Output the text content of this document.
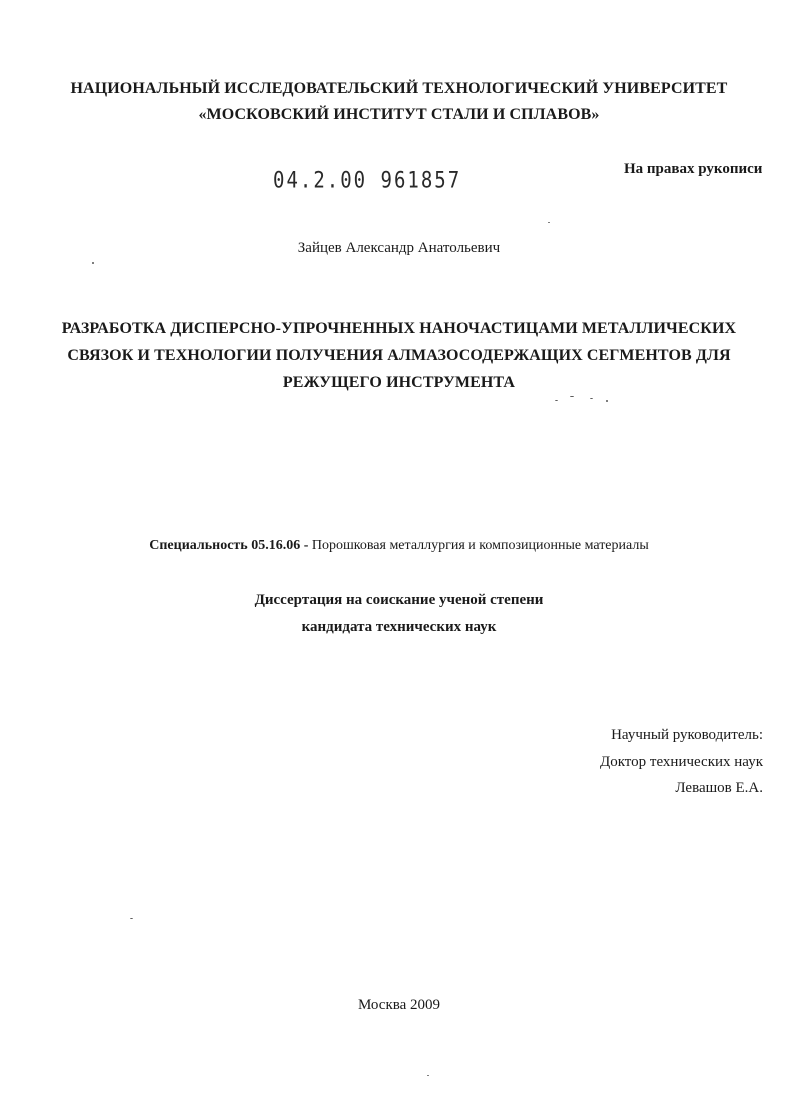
НАЦИОНАЛЬНЫЙ ИССЛЕДОВАТЕЛЬСКИЙ ТЕХНОЛОГИЧЕСКИЙ УНИВЕРСИТЕТ
«МОСКОВСКИЙ ИНСТИТУТ СТАЛИ И СПЛАВОВ»
04.2.00 961857	На правах рукописи
Зайцев Александр Анатольевич
РАЗРАБОТКА ДИСПЕРСНО-УПРОЧНЕННЫХ НАНОЧАСТИЦАМИ МЕТАЛЛИЧЕСКИХ
СВЯЗОК И ТЕХНОЛОГИИ ПОЛУЧЕНИЯ АЛМАЗОСОДЕРЖАЩИХ СЕГМЕНТОВ ДЛЯ
РЕЖУЩЕГО ИНСТРУМЕНТА
Специальность 05.16.06 - Порошковая металлургия и композиционные материалы
Диссертация на соискание ученой степени
кандидата технических наук
Научный руководитель:
Доктор технических наук
Левашов Е.А.
Москва 2009
